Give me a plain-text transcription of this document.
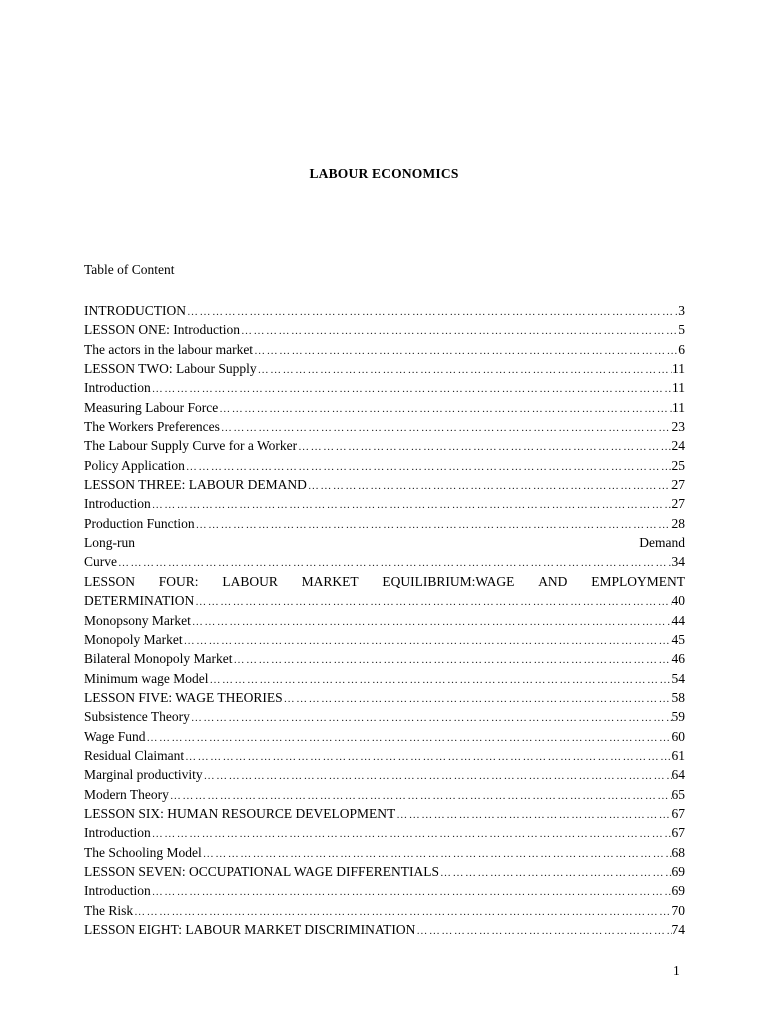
LABOUR ECONOMICS
Table of Content
INTRODUCTION ………………………………………………………………………………………………………………………………………………………………………………………………………………………………	3
LESSON ONE: Introduction ………………………………………………………………………………………………………………………………………………………………………………………………………………………………	5
The actors in the labour market ………………………………………………………………………………………………………………………………………………………………………………………………………………………………	6
LESSON TWO: Labour Supply ………………………………………………………………………………………………………………………………………………………………………………………………………………………………	11
Introduction ………………………………………………………………………………………………………………………………………………………………………………………………………………………………	11
Measuring Labour Force ………………………………………………………………………………………………………………………………………………………………………………………………………………………………	11
The Workers Preferences ………………………………………………………………………………………………………………………………………………………………………………………………………………………………	23
The Labour Supply Curve for a Worker ………………………………………………………………………………………………………………………………………………………………………………………………………………………………	24
Policy Application ………………………………………………………………………………………………………………………………………………………………………………………………………………………………	25
LESSON THREE: LABOUR DEMAND ………………………………………………………………………………………………………………………………………………………………………………………………………………………………	27
Introduction ………………………………………………………………………………………………………………………………………………………………………………………………………………………………	27
Production Function ………………………………………………………………………………………………………………………………………………………………………………………………………………………………	28
Long-run	Demand
Curve ………………………………………………………………………………………………………………………………………………………………………………………………………………………………	34
LESSON FOUR: LABOUR MARKET EQUILIBRIUM:WAGE AND EMPLOYMENT
DETERMINATION ………………………………………………………………………………………………………………………………………………………………………………………………………………………………	40
Monopsony Market ………………………………………………………………………………………………………………………………………………………………………………………………………………………………	44
Monopoly Market ………………………………………………………………………………………………………………………………………………………………………………………………………………………………	45
Bilateral Monopoly Market ………………………………………………………………………………………………………………………………………………………………………………………………………………………………	46
Minimum wage Model ………………………………………………………………………………………………………………………………………………………………………………………………………………………………	54
LESSON FIVE: WAGE THEORIES ………………………………………………………………………………………………………………………………………………………………………………………………………………………………	58
Subsistence Theory ………………………………………………………………………………………………………………………………………………………………………………………………………………………………	59
Wage Fund ………………………………………………………………………………………………………………………………………………………………………………………………………………………………	60
Residual Claimant ………………………………………………………………………………………………………………………………………………………………………………………………………………………………	61
Marginal productivity ………………………………………………………………………………………………………………………………………………………………………………………………………………………………	64
Modern Theory ………………………………………………………………………………………………………………………………………………………………………………………………………………………………	65
LESSON SIX: HUMAN RESOURCE DEVELOPMENT ………………………………………………………………………………………………………………………………………………………………………………………………………………………………	67
Introduction ………………………………………………………………………………………………………………………………………………………………………………………………………………………………	67
The Schooling Model ………………………………………………………………………………………………………………………………………………………………………………………………………………………………	68
LESSON SEVEN: OCCUPATIONAL WAGE DIFFERENTIALS ………………………………………………………………………………………………………………………………………………………………………………………………………………………………	69
Introduction ………………………………………………………………………………………………………………………………………………………………………………………………………………………………	69
The Risk ………………………………………………………………………………………………………………………………………………………………………………………………………………………………	70
LESSON EIGHT: LABOUR MARKET DISCRIMINATION ………………………………………………………………………………………………………………………………………………………………………………………………………………………………	74
1
